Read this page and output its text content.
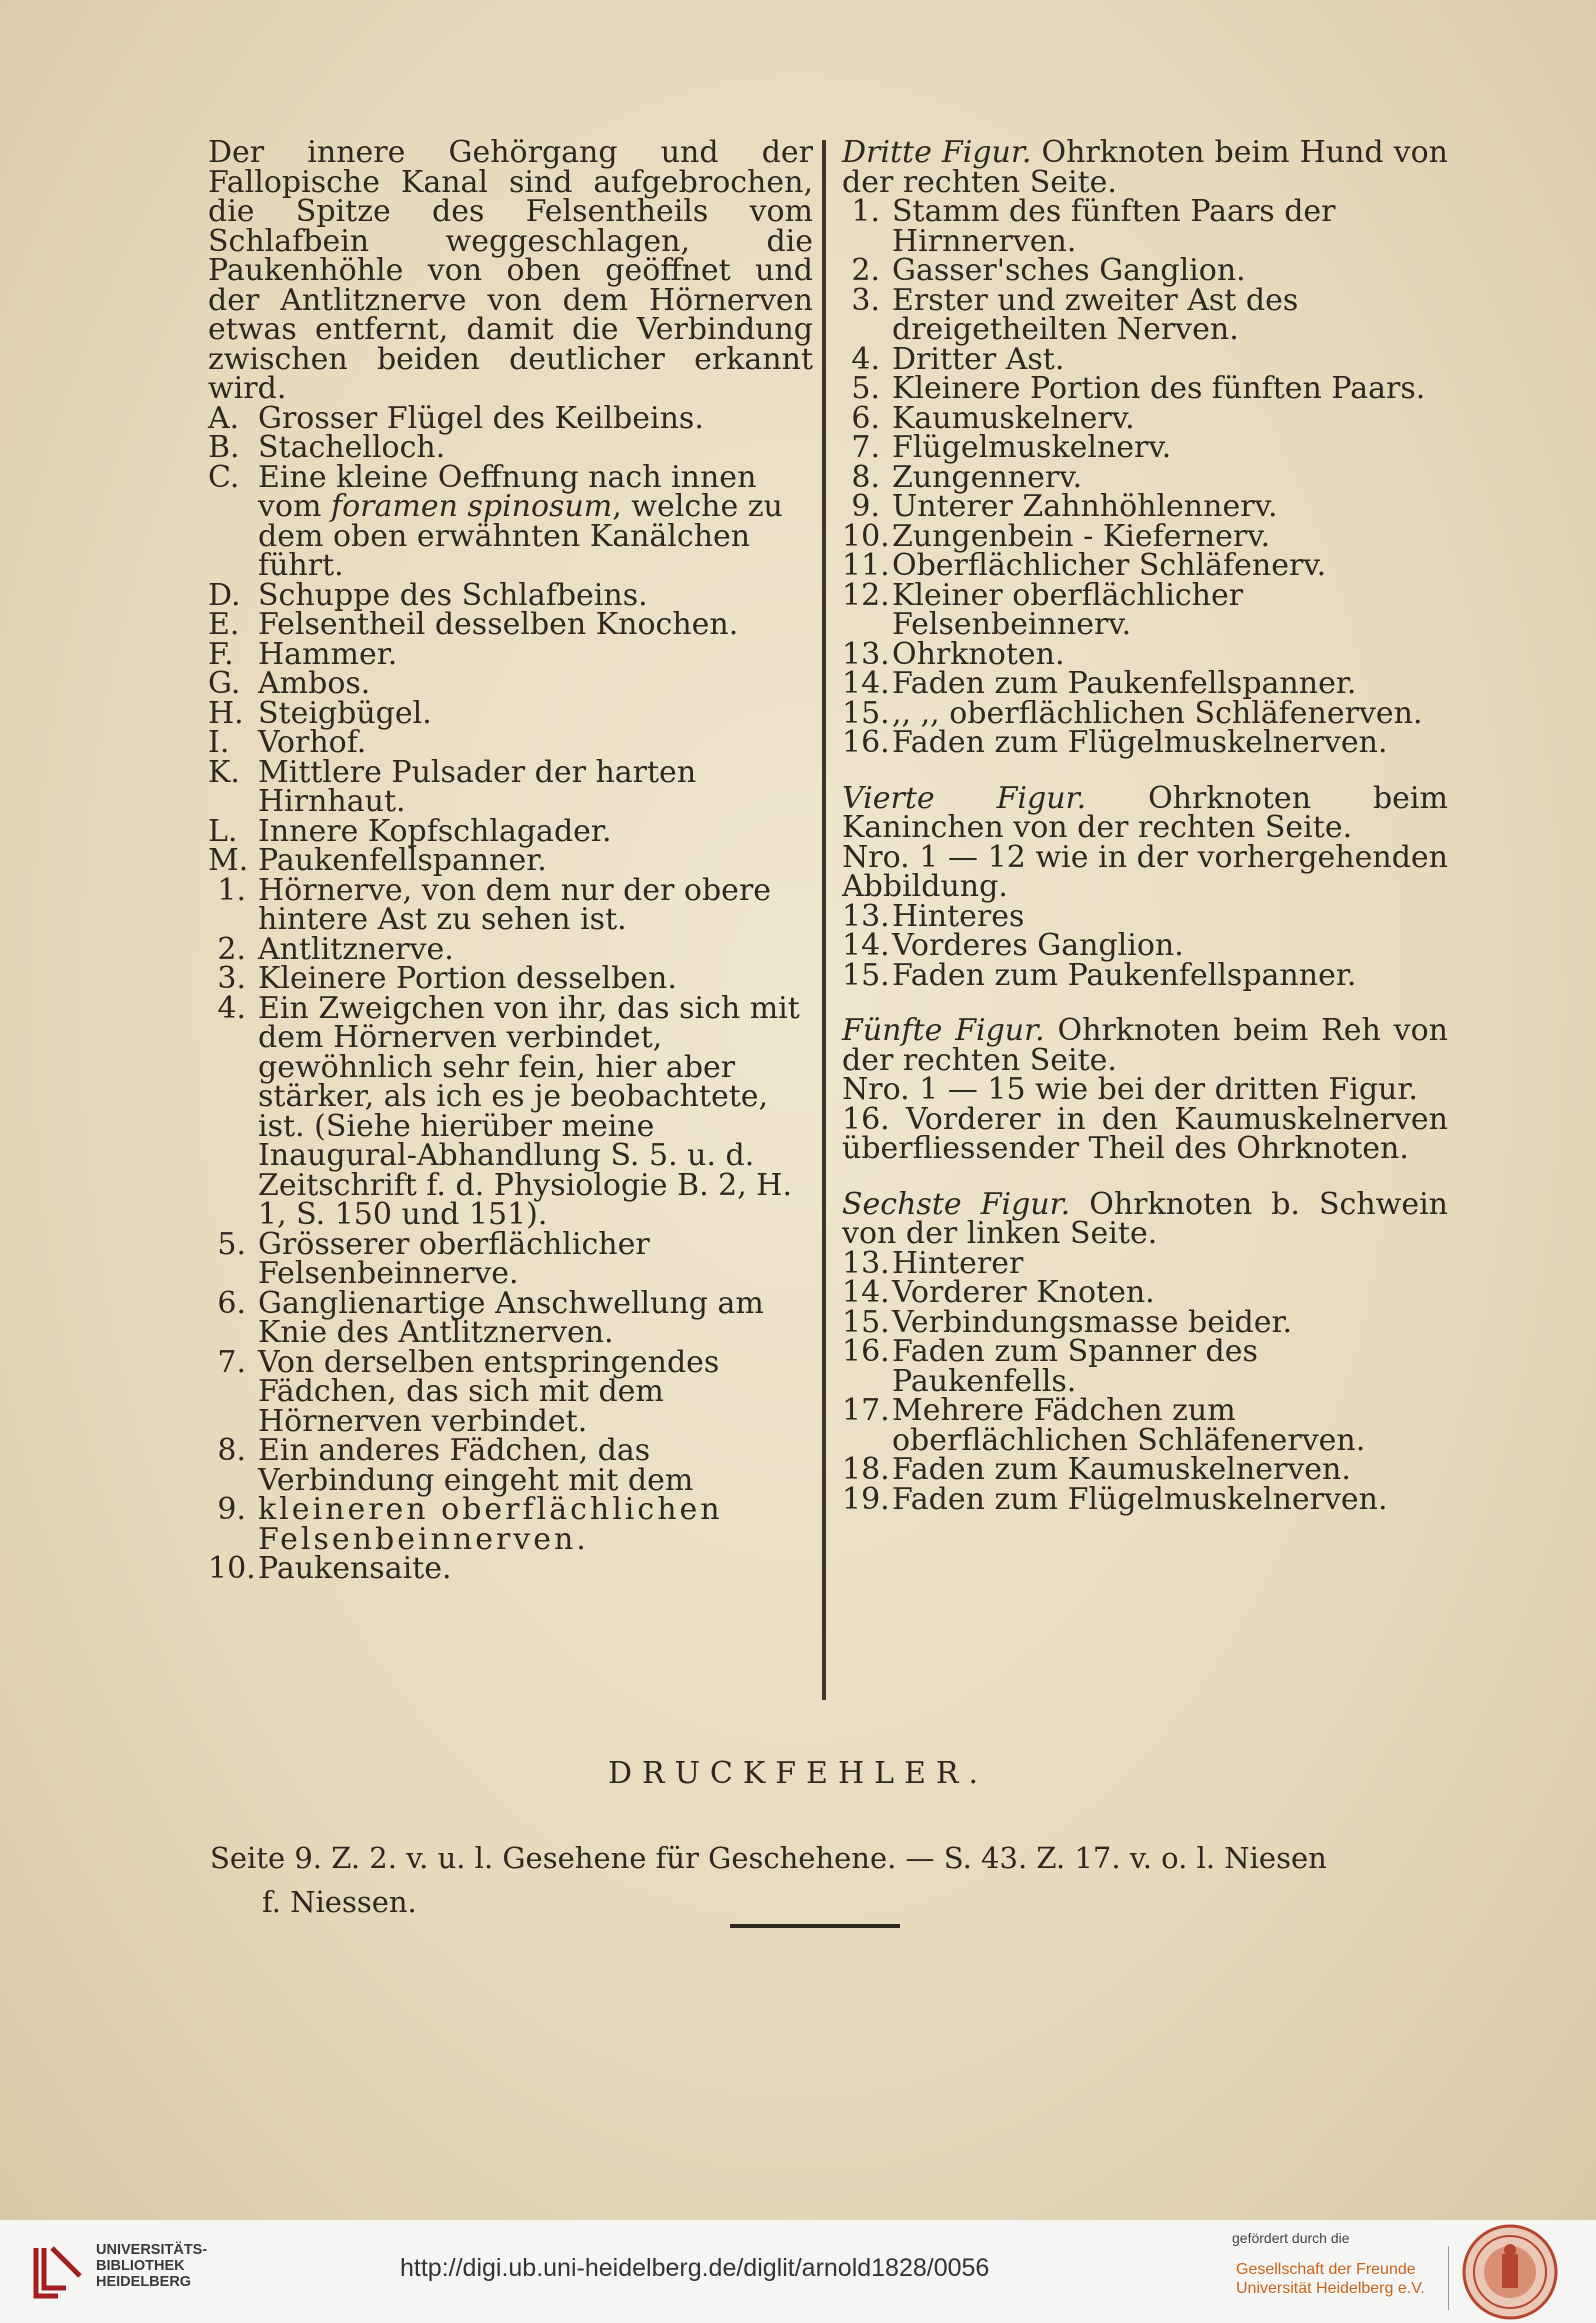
Der innere Gehörgang und der Fallopische Kanal sind aufgebrochen, die Spitze des Felsentheils vom Schlafbein weggeschlagen, die Paukenhöhle von oben geöffnet und der Antlitznerve von dem Hörnerven etwas entfernt, damit die Verbindung zwischen beiden deutlicher erkannt wird.

A. Grosser Flügel des Keilbeins.
B. Stachelloch.
C. Eine kleine Oeffnung nach innen vom foramen spinosum, welche zu dem oben erwähnten Kanälchen führt.
D. Schuppe des Schlafbeins.
E. Felsentheil desselben Knochen.
F. Hammer.
G. Ambos.
H. Steigbügel.
I. Vorhof.
K. Mittlere Pulsader der harten Hirnhaut.
L. Innere Kopfschlagader.
M. Paukenfellspanner.
1. Hörnerve, von dem nur der obere hintere Ast zu sehen ist.
2. Antlitznerve.
3. Kleinere Portion desselben.
4. Ein Zweigchen von ihr, das sich mit dem Hörnerven verbindet, gewöhnlich sehr fein, hier aber stärker, als ich es je beobachtete, ist. (Siehe hierüber meine Inaugural-Abhandlung S. 5. u. d. Zeitschrift f. d. Physiologie B. 2, H. 1, S. 150 und 151).
5. Grösserer oberflächlicher Felsenbeinnerve.
6. Ganglienartige Anschwellung am Knie des Antlitznerven.
7. Von derselben entspringendes Fädchen, das sich mit dem Hörnerven verbindet.
8. Ein anderes Fädchen, das Verbindung eingeht mit dem
9. kleineren oberflächlichen Felsenbeinnerven.
10. Paukensaite.

Dritte Figur. Ohrknoten beim Hund von der rechten Seite.

1. Stamm des fünften Paars der Hirnnerven.
2. Gasser'sches Ganglion.
3. Erster und zweiter Ast des dreigetheilten Nerven.
4. Dritter Ast.
5. Kleinere Portion des fünften Paars.
6. Kaumuskelnerv.
7. Flügelmuskelnerv.
8. Zungennerv.
9. Unterer Zahnhöhlennerv.
10. Zungenbein - Kiefernerv.
11. Oberflächlicher Schläfenerv.
12. Kleiner oberflächlicher Felsenbeinnerv.
13. Ohrknoten.
14. Faden zum Paukenfellspanner.
15. ,, ,, oberflächlichen Schläfenerven.
16. Faden zum Flügelmuskelnerven.

Vierte Figur. Ohrknoten beim Kaninchen von der rechten Seite.

Nro. 1 — 12 wie in der vorhergehenden Abbildung.

13. Hinteres
14. Vorderes Ganglion.
15. Faden zum Paukenfellspanner.

Fünfte Figur. Ohrknoten beim Reh von der rechten Seite.

Nro. 1 — 15 wie bei der dritten Figur.

16. Vorderer in den Kaumuskelnerven überfliessender Theil des Ohrknoten.

Sechste Figur. Ohrknoten b. Schwein von der linken Seite.

13. Hinterer
14. Vorderer Knoten.
15. Verbindungsmasse beider.
16. Faden zum Spanner des Paukenfells.
17. Mehrere Fädchen zum oberflächlichen Schläfenerven.
18. Faden zum Kaumuskelnerven.
19. Faden zum Flügelmuskelnerven.
DRUCKFEHLER.
Seite 9. Z. 2. v. u. l. Gesehene für Geschehene. — S. 43. Z. 17. v. o. l. Niesen
f. Niessen.
UNIVERSITÄTS-
BIBLIOTHEK
HEIDELBERG	http://digi.ub.uni-heidelberg.de/diglit/arnold1828/0056
gefördert durch die
Gesellschaft der Freunde
Universität Heidelberg e.V.
